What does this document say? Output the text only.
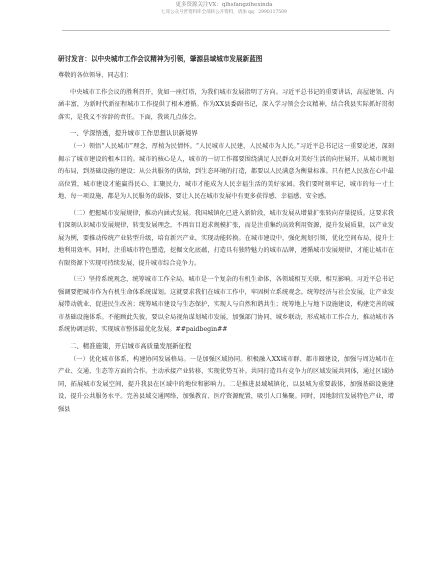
更多资源关注VX：qlhsfangzihexinda
七哥公众号匠资料库全部转公开资料，请加 qq：2990117509
研讨发言：以中央城市工作会议精神为引领，肇源县域城市发展新蓝图

尊敬的各位领导、同志们：

中央城市工作会议的胜利召开，犹如一座灯塔，为我们城市发展指明了方向。习近平总书记的重要讲话，高屋建瓴、内涵丰富，为新时代新征程城市工作提供了根本遵循。作为XX县委副书记，深入学习领会会议精神，结合我县实际抓好贯彻落实，是我义不容辞的责任。下面，我谈几点体会。

一、学深悟透，提升城市工作思想认识新境界

（一）领悟“人民城市”理念，厚植为民情怀。“人民城市人民建，人民城市为人民。”习近平总书记这一重要论述，深刻揭示了城市建设的根本目的。城市的核心是人，城市的一切工作都要围绕满足人民群众对美好生活的向往展开。从城市规划的布局，到基础设施的建设；从公共服务的供给，到生态环境的打造，都要以人民满意为衡量标准。只有把人民放在心中最高位置，城市建设才能赢得民心、汇聚民力，城市才能成为人民幸福生活的美好家园。我们要时刻牢记，城市的每一寸土地、每一项设施，都是为人民服务的载体，要让人民在城市发展中有更多获得感、幸福感、安全感。

（二）把握城市发展规律，推动内涵式发展。我国城镇化已进入新阶段，城市发展从增量扩张转向存量提质。这要求我们深刻认识城市发展规律，转变发展理念，不再盲目追求规模扩张，而是注重集约高效利用资源，提升发展质量，以产业发展为例，要推动传统产业转型升级，培育新兴产业，实现动能转换。在城市建设中，强化规划引领，优化空间布局，提升土地利用效率。同时，注重城市特色塑造，挖掘文化底蕴，打造具有独特魅力的城市品牌，遵循城市发展规律，才能让城市在有限资源下实现可持续发展，提升城市综合竞争力。

（三）坚持系统观念，统筹城市工作全局。城市是一个复杂的有机生命体，各领域相互关联、相互影响。习近平总书记强调要把城市作为有机生命体系统谋划。这就要求我们在城市工作中，牢固树立系统观念。统筹经济与社会发展，让产业发展带动就业、促进民生改善；统筹城市建设与生态保护，实现人与自然和谐共生；统筹地上与地下设施建设，构建完善的城市基础设施体系。不能顾此失彼，要以全局视角谋划城市发展，加强部门协同、城乡联动，形成城市工作合力，推动城市各系统协调运转，实现城市整体最优化发展。##paidbegin##

二、精准施策，开启城市高质量发展新征程

（一）优化城市体系，构建协同发展格局。一是加强区域协同。积极融入XX城市群、都市圈建设，加强与周边城市在产业、交通、生态等方面的合作。主动承接产业转移，实现优势互补。共同打造具有竞争力的区域发展共同体，通过区域协同，拓展城市发展空间，提升我县在区域中的地位和影响力。二是推进县域城镇化，以县城为重要载体，加强基础设施建设，提升公共服务水平。完善县域交通网络，加强教育、医疗资源配置，吸引人口集聚。同时，因地制宜发展特色产业，增强县
